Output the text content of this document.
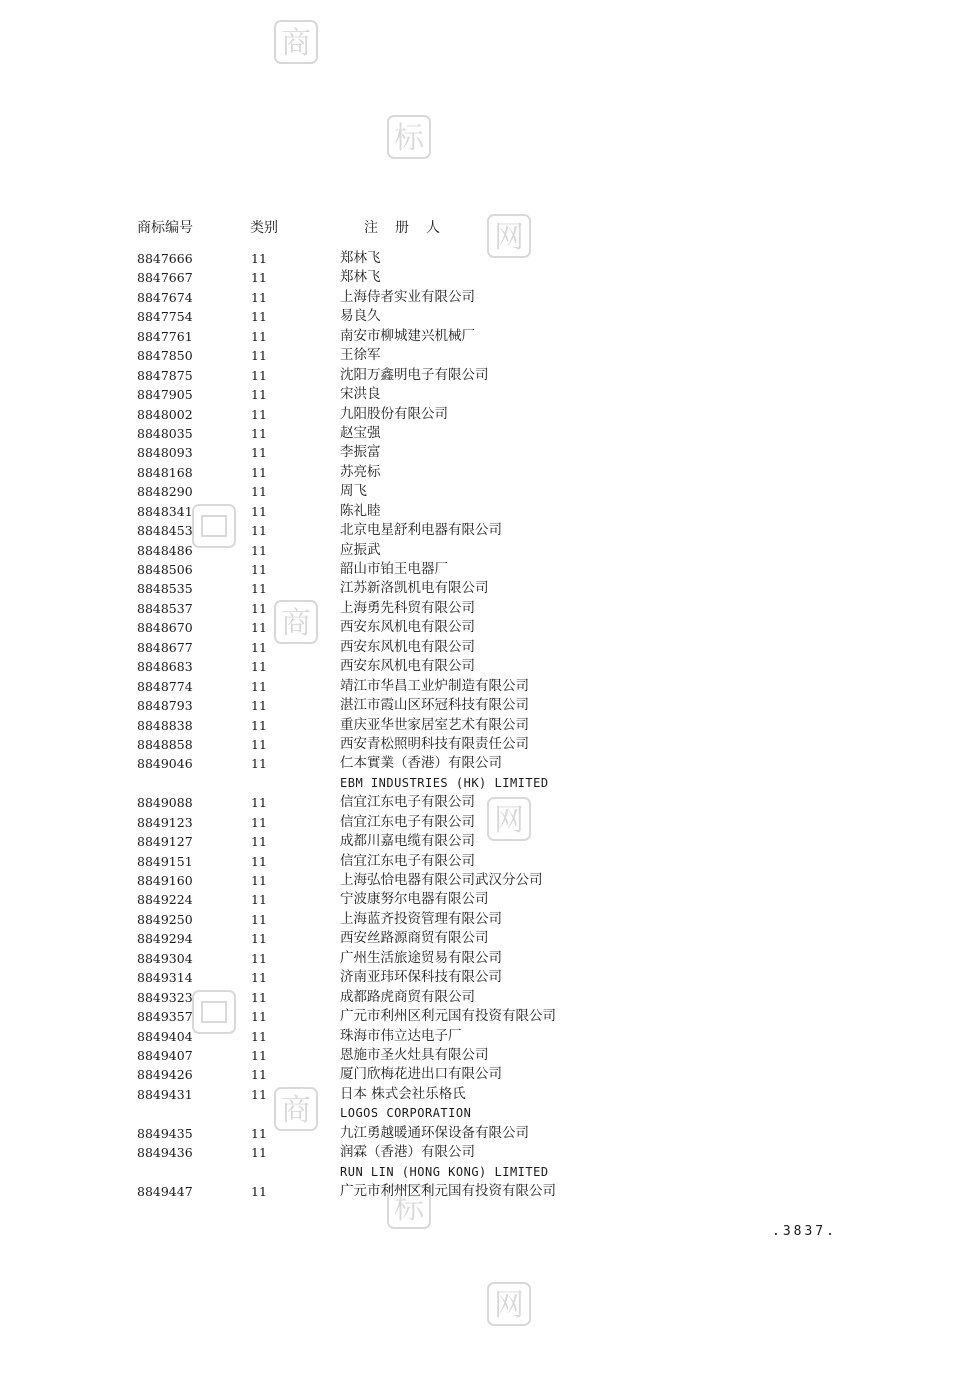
商
标
网
商
网
商
标
网
商标编号	类别	注册人
8847666	11	郑林飞
8847667	11	郑林飞
8847674	11	上海侍者实业有限公司
8847754	11	易良久
8847761	11	南安市柳城建兴机械厂
8847850	11	王徐军
8847875	11	沈阳万鑫明电子有限公司
8847905	11	宋洪良
8848002	11	九阳股份有限公司
8848035	11	赵宝强
8848093	11	李振富
8848168	11	苏亮标
8848290	11	周飞
8848341	11	陈礼睦
8848453	11	北京电星舒利电器有限公司
8848486	11	应振武
8848506	11	韶山市铂王电器厂
8848535	11	江苏新洛凯机电有限公司
8848537	11	上海勇先科贸有限公司
8848670	11	西安东风机电有限公司
8848677	11	西安东风机电有限公司
8848683	11	西安东风机电有限公司
8848774	11	靖江市华昌工业炉制造有限公司
8848793	11	湛江市霞山区环冠科技有限公司
8848838	11	重庆亚华世家居室艺术有限公司
8848858	11	西安青松照明科技有限责任公司
8849046	11	仁本實業（香港）有限公司
EBM INDUSTRIES (HK) LIMITED
8849088	11	信宜江东电子有限公司
8849123	11	信宜江东电子有限公司
8849127	11	成都川嘉电缆有限公司
8849151	11	信宜江东电子有限公司
8849160	11	上海弘恰电器有限公司武汉分公司
8849224	11	宁波康努尔电器有限公司
8849250	11	上海蓝齐投资管理有限公司
8849294	11	西安丝路源商贸有限公司
8849304	11	广州生活旅途贸易有限公司
8849314	11	济南亚玮环保科技有限公司
8849323	11	成都路虎商贸有限公司
8849357	11	广元市利州区利元国有投资有限公司
8849404	11	珠海市伟立达电子厂
8849407	11	恩施市圣火灶具有限公司
8849426	11	厦门欣梅花进出口有限公司
8849431	11	日本 株式会社乐格氏
LOGOS CORPORATION
8849435	11	九江勇越暖通环保设备有限公司
8849436	11	润霖（香港）有限公司
RUN LIN (HONG KONG) LIMITED
8849447	11	广元市利州区利元国有投资有限公司
.3837.
